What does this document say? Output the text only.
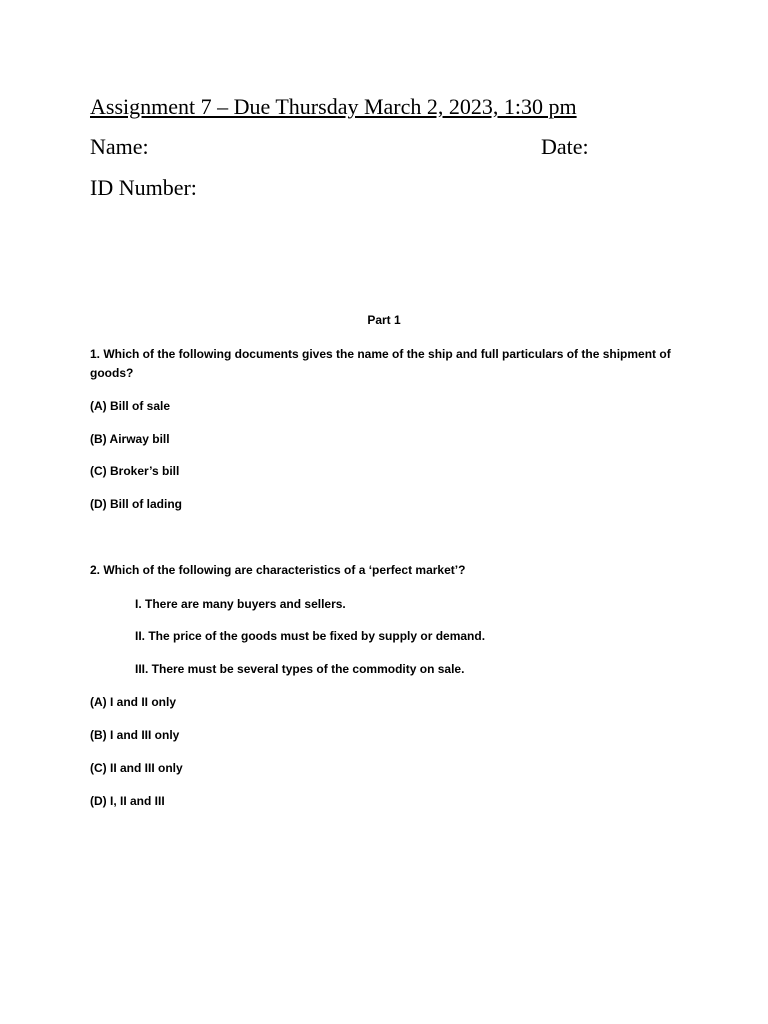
Assignment 7 – Due Thursday March 2, 2023, 1:30 pm
Name:	Date:
ID Number:
Part 1
1. Which of the following documents gives the name of the ship and full particulars of the shipment of goods?
(A) Bill of sale
(B) Airway bill
(C) Broker’s bill
(D) Bill of lading
2. Which of the following are characteristics of a ‘perfect market’?
I. There are many buyers and sellers.
II. The price of the goods must be fixed by supply or demand.
III. There must be several types of the commodity on sale.
(A) I and II only
(B) I and III only
(C) II and III only
(D) I, II and III
